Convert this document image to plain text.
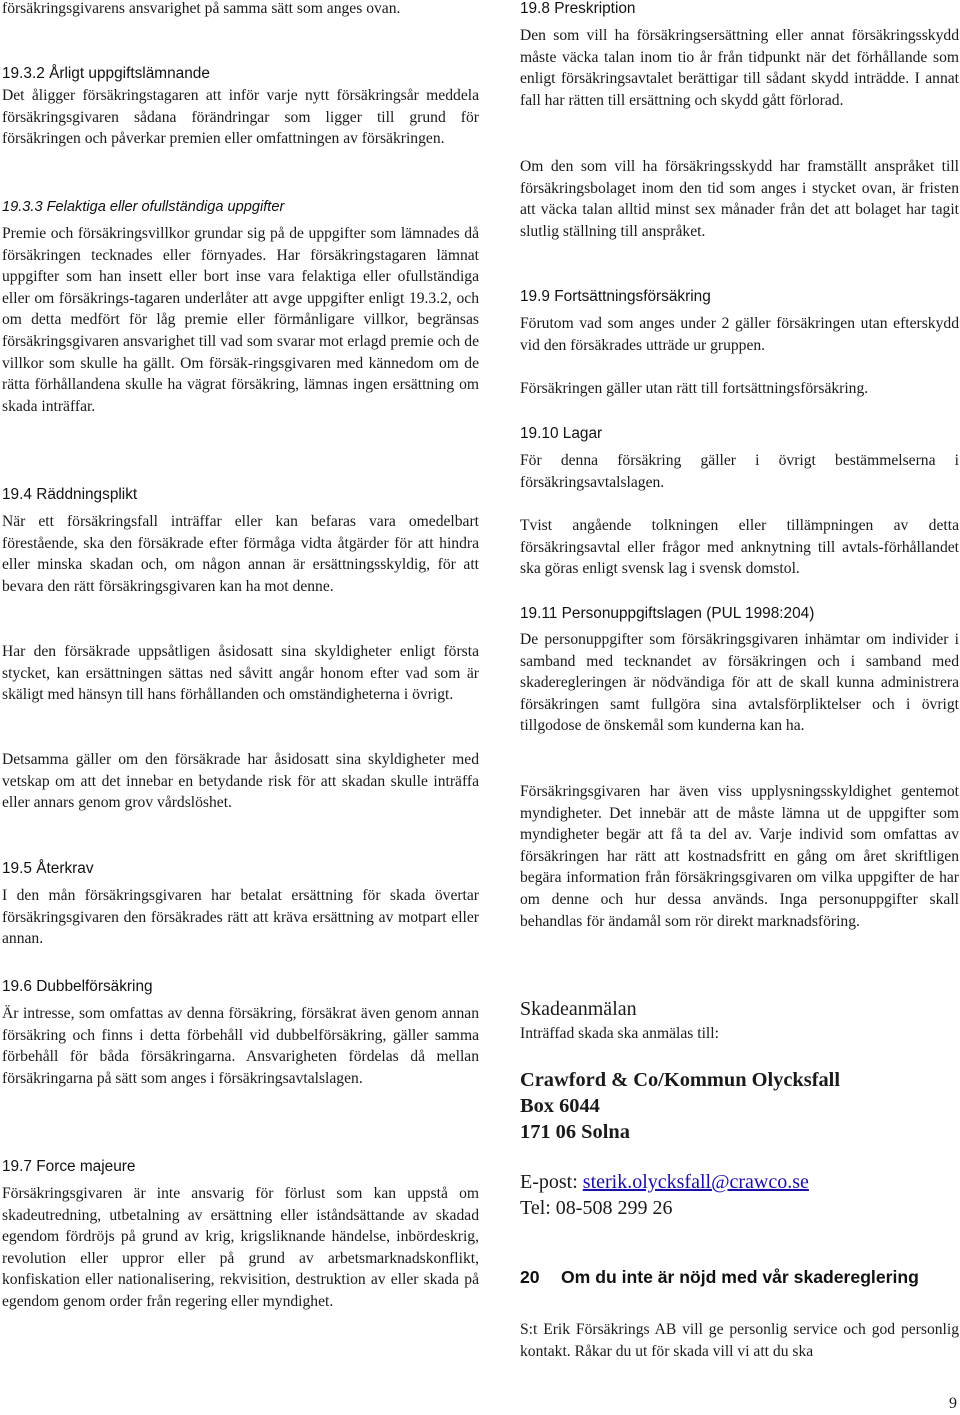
försäkringsgivarens ansvarighet på samma sätt som anges ovan.

19.3.2 Årligt uppgiftslämnande

Det åligger försäkringstagaren att inför varje nytt försäkringsår meddela försäkringsgivaren sådana förändringar som ligger till grund för försäkringen och påverkar premien eller omfattningen av försäkringen.

19.3.3 Felaktiga eller ofullständiga uppgifter

Premie och försäkringsvillkor grundar sig på de uppgifter som lämnades då försäkringen tecknades eller förnyades. Har försäkringstagaren lämnat uppgifter som han insett eller bort inse vara felaktiga eller ofullständiga eller om försäkrings-tagaren underlåter att avge uppgifter enligt 19.3.2, och om detta medfört för låg premie eller förmånligare villkor, begränsas försäkringsgivaren ansvarighet till vad som svarar mot erlagd premie och de villkor som skulle ha gällt. Om försäk-ringsgivaren med kännedom om de rätta förhållandena skulle ha vägrat försäkring, lämnas ingen ersättning om skada inträffar.

19.4 Räddningsplikt

När ett försäkringsfall inträffar eller kan befaras vara omedelbart förestående, ska den försäkrade efter förmåga vidta åtgärder för att hindra eller minska skadan och, om någon annan är ersättningsskyldig, för att bevara den rätt försäkringsgivaren kan ha mot denne.

Har den försäkrade uppsåtligen åsidosatt sina skyldigheter enligt första stycket, kan ersättningen sättas ned såvitt angår honom efter vad som är skäligt med hänsyn till hans förhållanden och omständigheterna i övrigt.

Detsamma gäller om den försäkrade har åsidosatt sina skyldigheter med vetskap om att det innebar en betydande risk för att skadan skulle inträffa eller annars genom grov vårdslöshet.

19.5 Återkrav

I den mån försäkringsgivaren har betalat ersättning för skada övertar försäkringsgivaren den försäkrades rätt att kräva ersättning av motpart eller annan.

19.6 Dubbelförsäkring

Är intresse, som omfattas av denna försäkring, försäkrat även genom annan försäkring och finns i detta förbehåll vid dubbelförsäkring, gäller samma förbehåll för båda försäkringarna. Ansvarigheten fördelas då mellan försäkringarna på sätt som anges i försäkringsavtalslagen.

19.7 Force majeure

Försäkringsgivaren är inte ansvarig för förlust som kan uppstå om skadeutredning, utbetalning av ersättning eller iståndsättande av skadad egendom fördröjs på grund av krig, krigsliknande händelse, inbördeskrig, revolution eller uppror eller på grund av arbetsmarknadskonflikt, konfiskation eller nationalisering, rekvisition, destruktion av eller skada på egendom genom order från regering eller myndighet.

19.8 Preskription

Den som vill ha försäkringsersättning eller annat försäkringsskydd måste väcka talan inom tio år från tidpunkt när det förhållande som enligt försäkringsavtalet berättigar till sådant skydd inträdde. I annat fall har rätten till ersättning och skydd gått förlorad.

Om den som vill ha försäkringsskydd har framställt anspråket till försäkringsbolaget inom den tid som anges i stycket ovan, är fristen att väcka talan alltid minst sex månader från det att bolaget har tagit slutlig ställning till anspråket.

19.9 Fortsättningsförsäkring

Förutom vad som anges under 2 gäller försäkringen utan efterskydd vid den försäkrades utträde ur gruppen.

Försäkringen gäller utan rätt till fortsättningsförsäkring.

19.10 Lagar

För denna försäkring gäller i övrigt bestämmelserna i försäkringsavtalslagen.

Tvist angående tolkningen eller tillämpningen av detta försäkringsavtal eller frågor med anknytning till avtals-förhållandet ska göras enligt svensk lag i svensk domstol.

19.11 Personuppgiftslagen (PUL 1998:204)

De personuppgifter som försäkringsgivaren inhämtar om individer i samband med tecknandet av försäkringen och i samband med skaderegleringen är nödvändiga för att de skall kunna administrera försäkringen samt fullgöra sina avtalsförpliktelser och i övrigt tillgodose de önskemål som kunderna kan ha.

Försäkringsgivaren har även viss upplysningsskyldighet gentemot myndigheter. Det innebär att de måste lämna ut de uppgifter som myndigheter begär att få ta del av. Varje individ som omfattas av försäkringen har rätt att kostnadsfritt en gång om året skriftligen begära information från försäkringsgivaren om vilka uppgifter de har om denne och hur dessa används. Inga personuppgifter skall behandlas för ändamål som rör direkt marknadsföring.

Skadeanmälan

Inträffad skada ska anmälas till:

Crawford & Co/Kommun Olycksfall

Box 6044

171 06 Solna

E-post: sterik.olycksfall@crawco.se

Tel: 08-508 299 26

20	Om du inte är nöjd med vår skadereglering

S:t Erik Försäkrings AB vill ge personlig service och god personlig kontakt. Råkar du ut för skada vill vi att du ska

9
